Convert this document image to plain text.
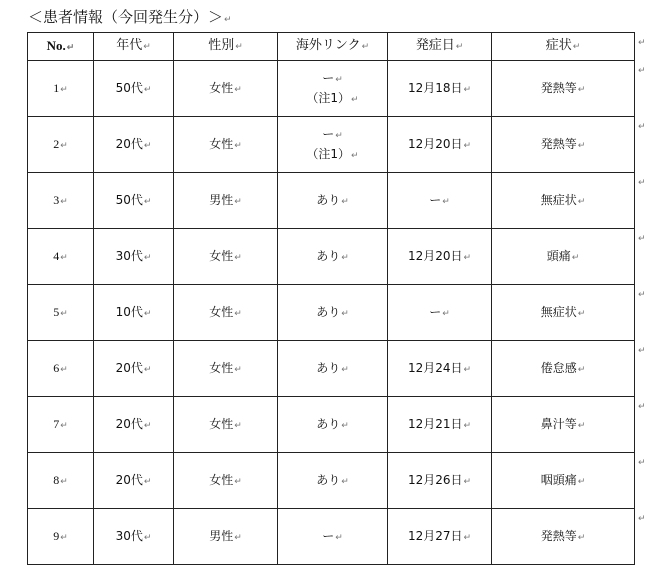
＜患者情報（今回発生分）＞↵
No.↵	年代↵	性別↵	海外リンク↵	発症日↵	症状↵

1↵	50代↵	女性↵	ー↵
（注1）↵	12月18日↵	発熱等↵

2↵	20代↵	女性↵	ー↵
（注1）↵	12月20日↵	発熱等↵

3↵	50代↵	男性↵	あり↵	ー↵	無症状↵

4↵	30代↵	女性↵	あり↵	12月20日↵	頭痛↵

5↵	10代↵	女性↵	あり↵	ー↵	無症状↵

6↵	20代↵	女性↵	あり↵	12月24日↵	倦怠感↵

7↵	20代↵	女性↵	あり↵	12月21日↵	鼻汁等↵

8↵	20代↵	女性↵	あり↵	12月26日↵	咽頭痛↵

9↵	30代↵	男性↵	ー↵	12月27日↵	発熱等↵
↵
↵
↵
↵
↵
↵
↵
↵
↵
↵
